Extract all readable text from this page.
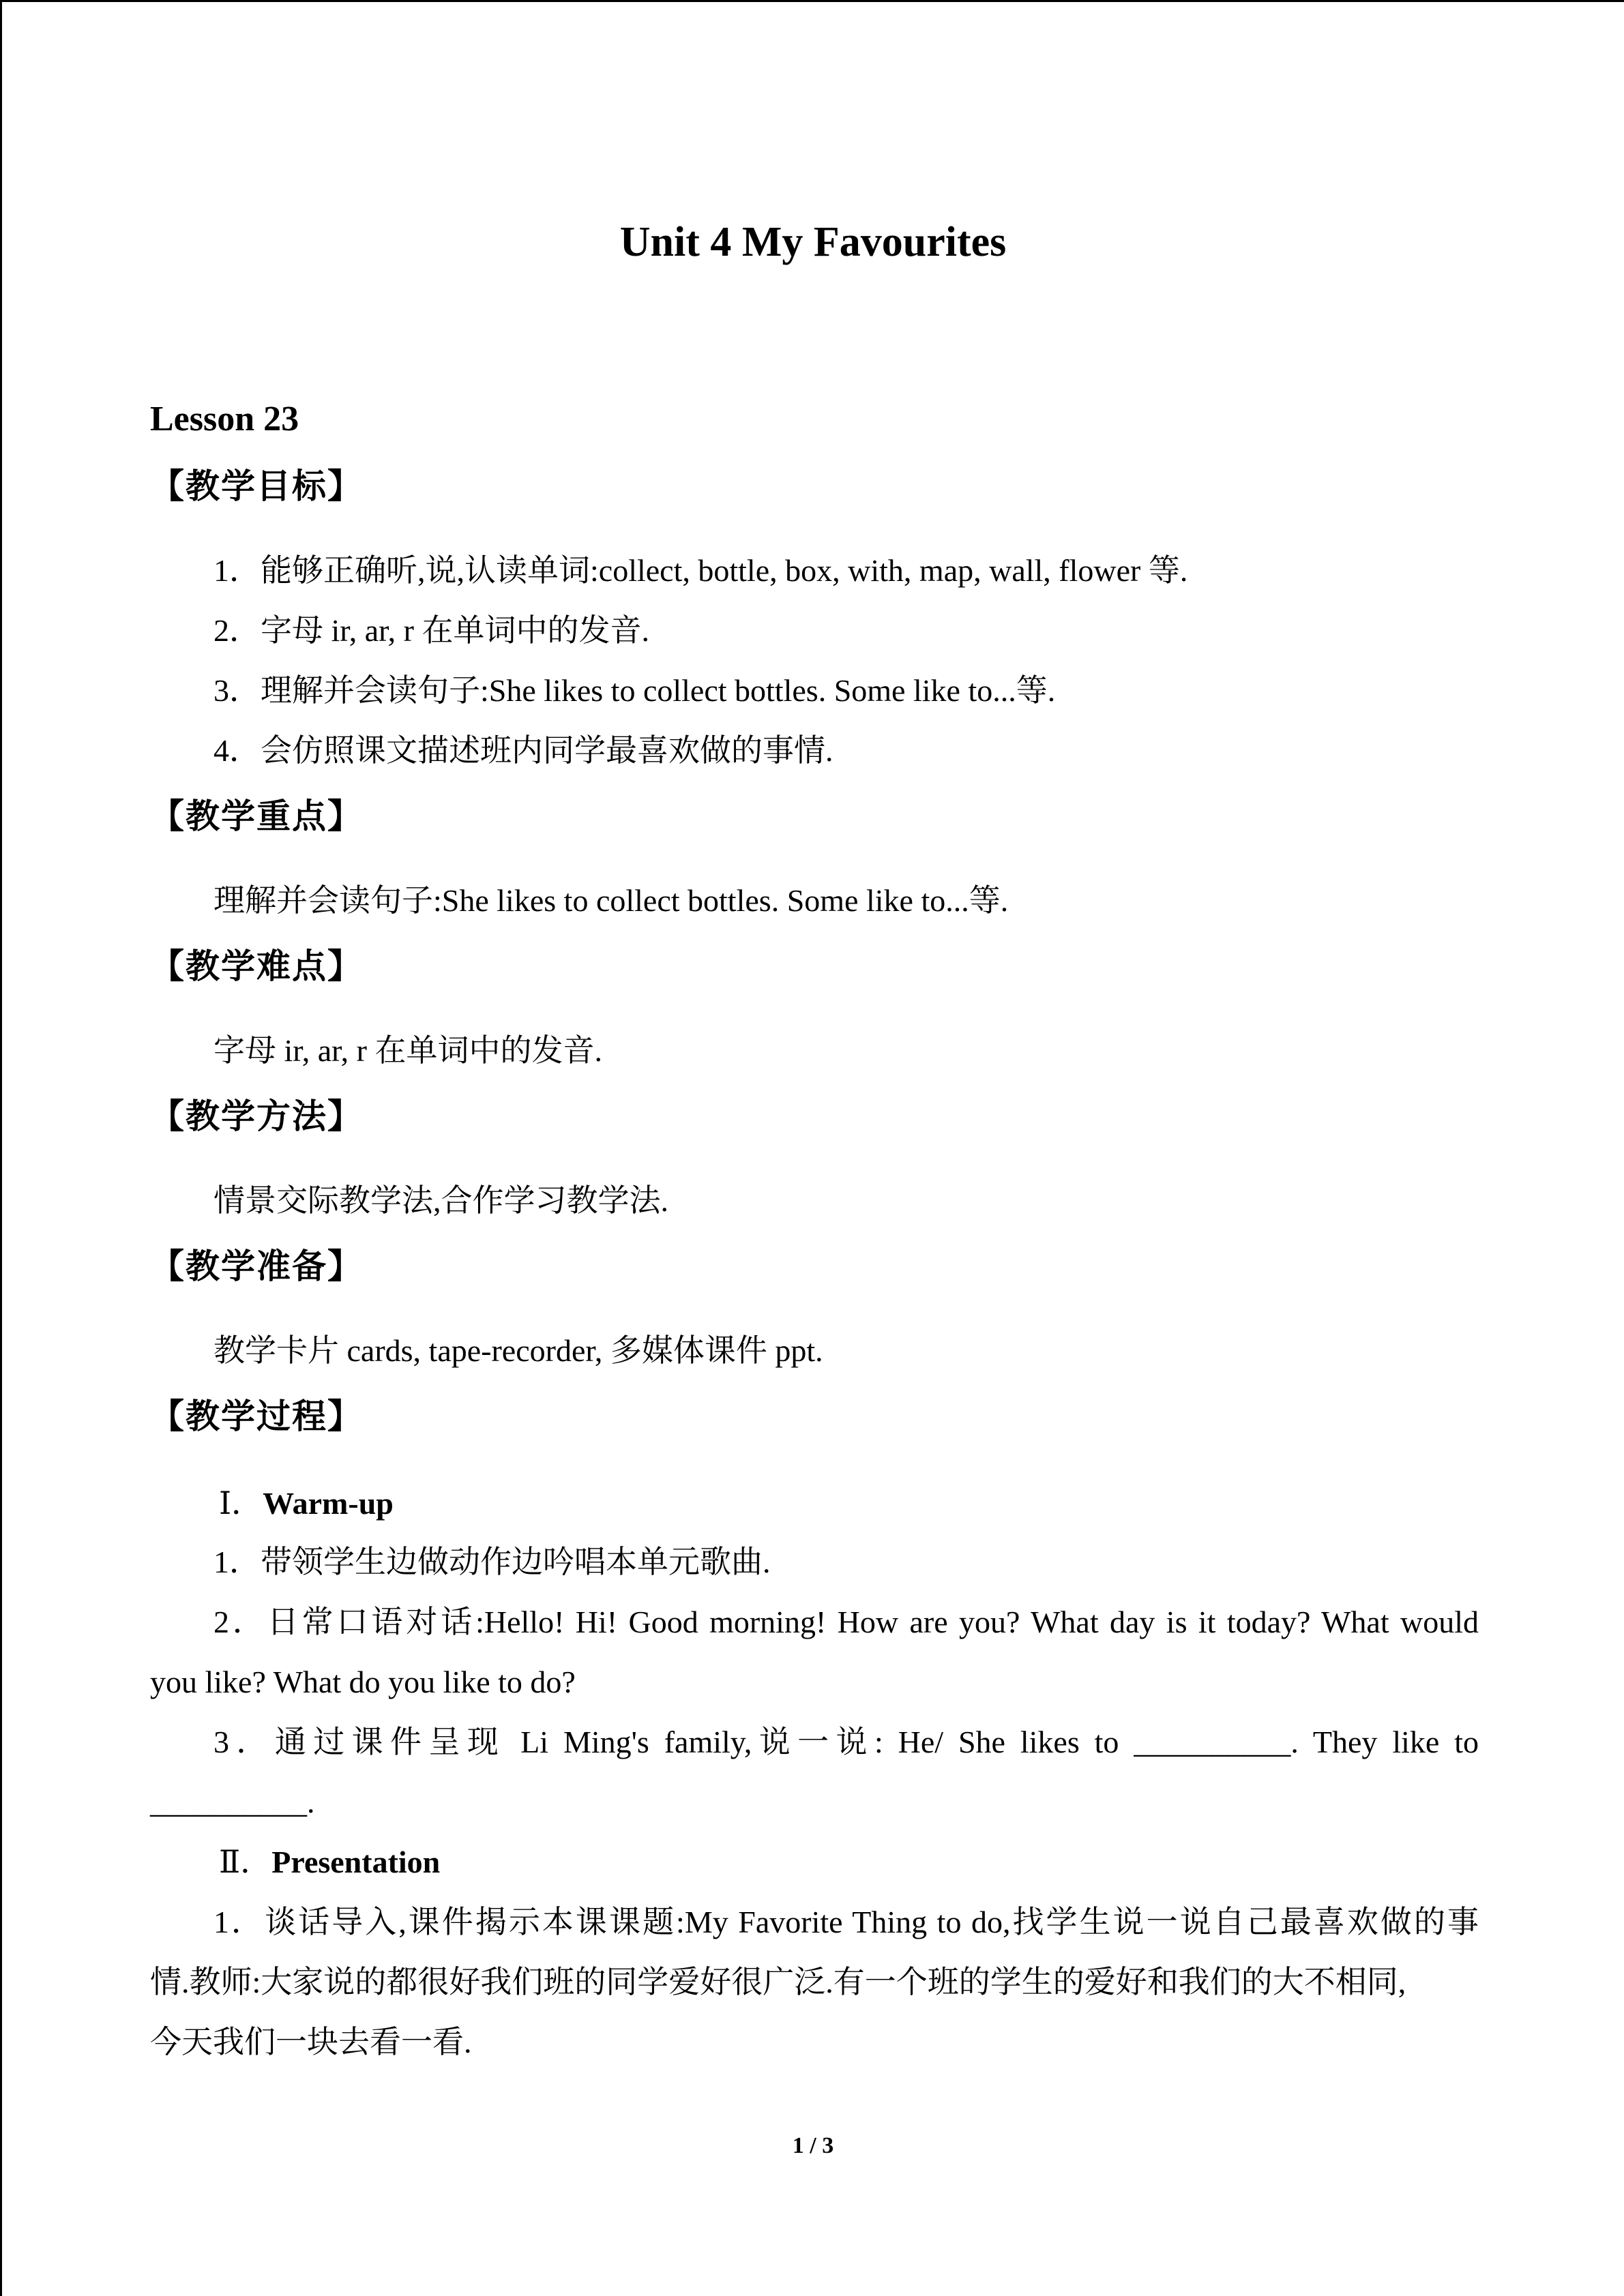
Unit 4 My Favourites
Lesson 23
【教学目标】
1．能够正确听,说,认读单词:collect, bottle, box, with, map, wall, flower 等.
2．字母 ir, ar, r 在单词中的发音.
3．理解并会读句子:She likes to collect bottles. Some like to...等.
4．会仿照课文描述班内同学最喜欢做的事情.
【教学重点】
理解并会读句子:She likes to collect bottles. Some like to...等.
【教学难点】
字母 ir, ar, r 在单词中的发音.
【教学方法】
情景交际教学法,合作学习教学法.
【教学准备】
教学卡片 cards, tape-recorder, 多媒体课件 ppt.
【教学过程】
Ⅰ．Warm-up
1．带领学生边做动作边吟唱本单元歌曲.
2．日常口语对话:Hello! Hi! Good morning! How are you? What day is it today? What would
you like? What do you like to do?
3．通过课件呈现 Li Ming's family,说一说: He/ She likes to __________. They like to
__________.
Ⅱ．Presentation
1．谈话导入,课件揭示本课课题:My Favorite Thing to do,找学生说一说自己最喜欢做的事
情.教师:大家说的都很好我们班的同学爱好很广泛.有一个班的学生的爱好和我们的大不相同,
今天我们一块去看一看.
1 / 3
